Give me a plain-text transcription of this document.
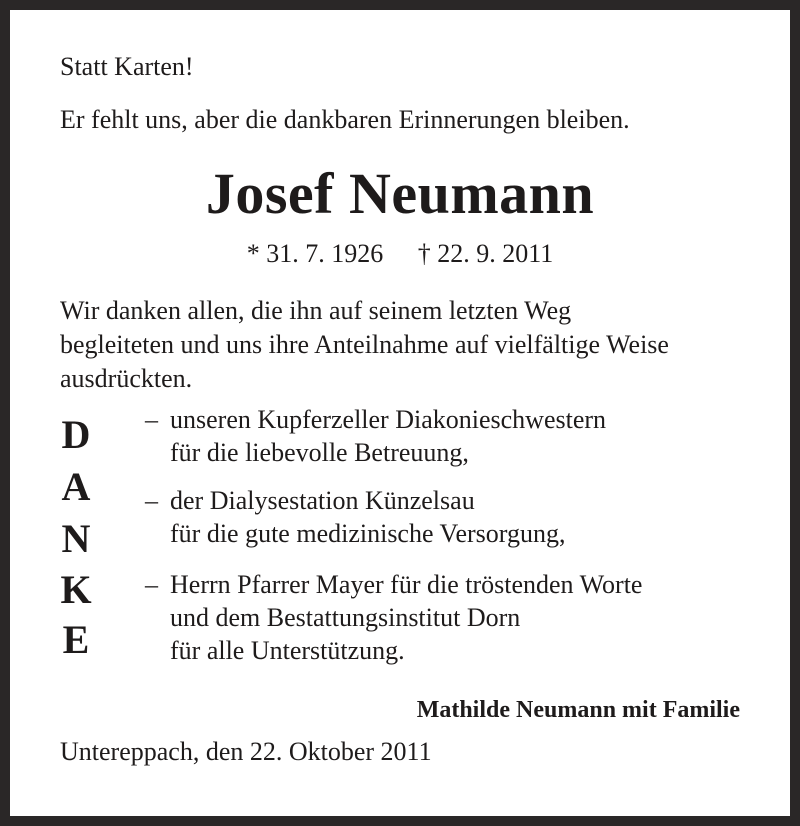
Statt Karten!
Er fehlt uns, aber die dankbaren Erinnerungen bleiben.
Josef Neumann
* 31. 7. 1926 † 22. 9. 2011
Wir danken allen, die ihn auf seinem letzten Weg
begleiteten und uns ihre Anteilnahme auf vielfältige Weise
ausdrückten.
D
A
N
K
E
– unseren Kupferzeller Diakonieschwestern
für die liebevolle Betreuung,
– der Dialysestation Künzelsau
für die gute medizinische Versorgung,
– Herrn Pfarrer Mayer für die tröstenden Worte
und dem Bestattungsinstitut Dorn
für alle Unterstützung.
Mathilde Neumann mit Familie
Untereppach, den 22. Oktober 2011
